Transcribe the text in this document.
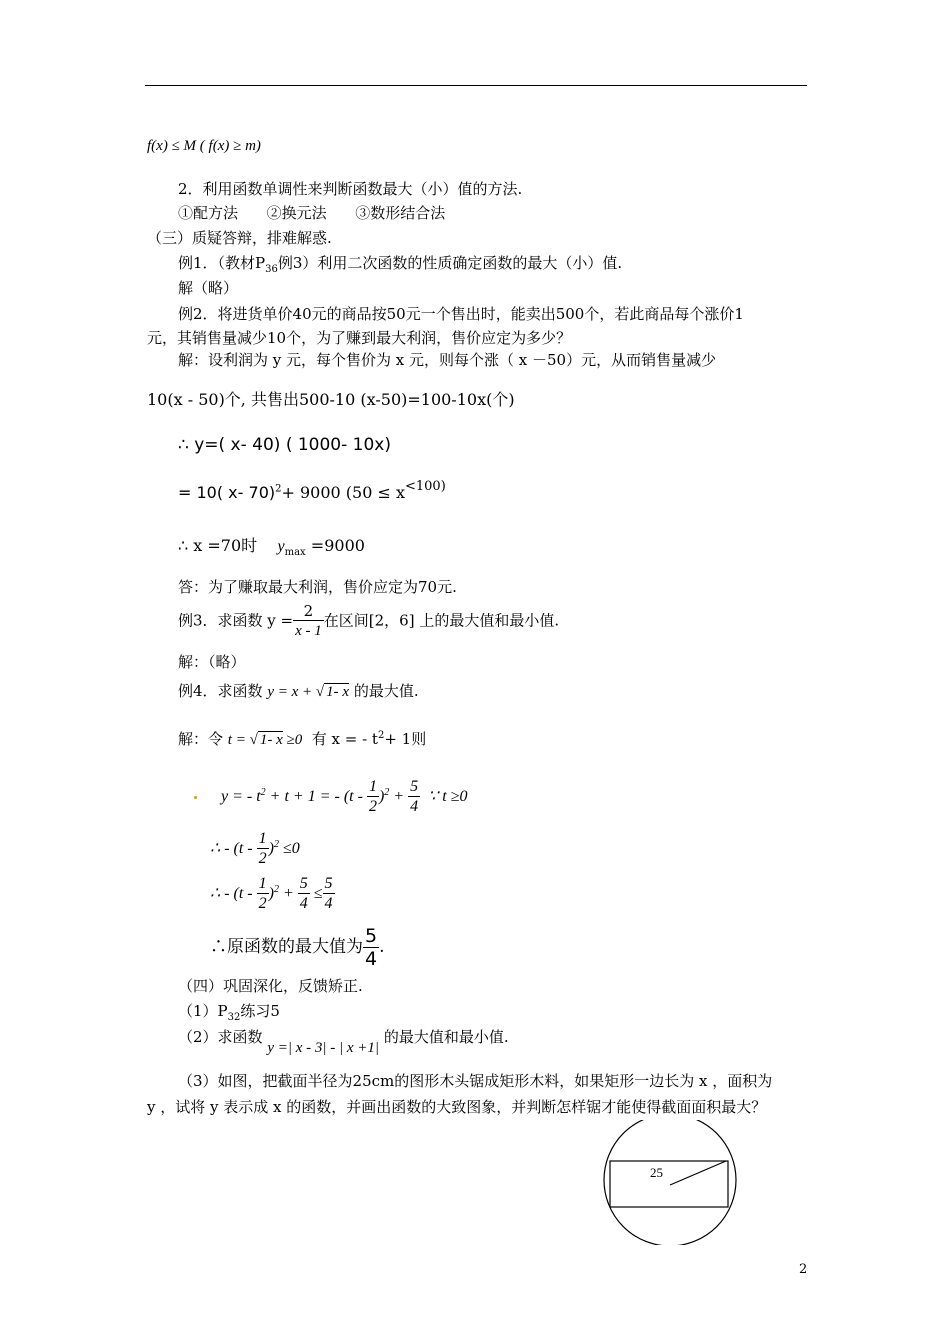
f(x) ≤ M ( f(x) ≥ m)
2．利用函数单调性来判断函数最大（小）值的方法.
①配方法      ②换元法      ③数形结合法
（三）质疑答辩，排难解惑.
例1．（教材$P_{36}$例3）利用二次函数的性质确定函数的最大（小）值.
解（略）
例2．将进货单价40元的商品按50元一个售出时，能卖出500个，若此商品每个涨价1
元，其销售量减少10个，为了赚到最大利润，售价应定为多少？
解：设利润为 y 元，每个售价为 x 元，则每个涨（ x －50）元，从而销售量减少
10(x - 50)个, 共售出500-10 (x-50)=100-10x(个)
∴ y=( x- 40) ( 1000- 10x)
= 10( x- 70)$^2$+ 9000 ($50 \le x^{<100)}$
∴ x =70时 $y_{max} =9000$
答：为了赚取最大利润，售价应定为70元.
例3．求函数 $y = \frac{2}{x - 1}$ 在区间[2，6] 上的最大值和最小值.
解：（略）
例4．求函数 y = x + √ 1- x 的最大值.
解：令 t = √ 1- x ≥0 有 x = - $t^2+ 1$则
y = - $t^2 + t + 1$ = - $(t - \frac{1}{2} )^2 + \frac{5}{4}$ ∵ t ≥0
∴ - $(t - \frac{1}{2} )^2 \le 0$
∴ - $(t - \frac{1}{2} )^2 + \frac{5}{4} \le \frac{5}{4}$
∴原函数的最大值为 $\frac{5}{4}$ .
（四）巩固深化，反馈矫正.
$(1)P_{32}$练习5
（2）求函数 y =| x - 3| - | x +1| 的最大值和最小值.
（3）如图，把截面半径为25cm的图形木头锯成矩形木料，如果矩形一边长为 x ，面积为
y ，试将 y 表示成 x 的函数，并画出函数的大致图象，并判断怎样锯才能使得截面面积最大？
25
2
